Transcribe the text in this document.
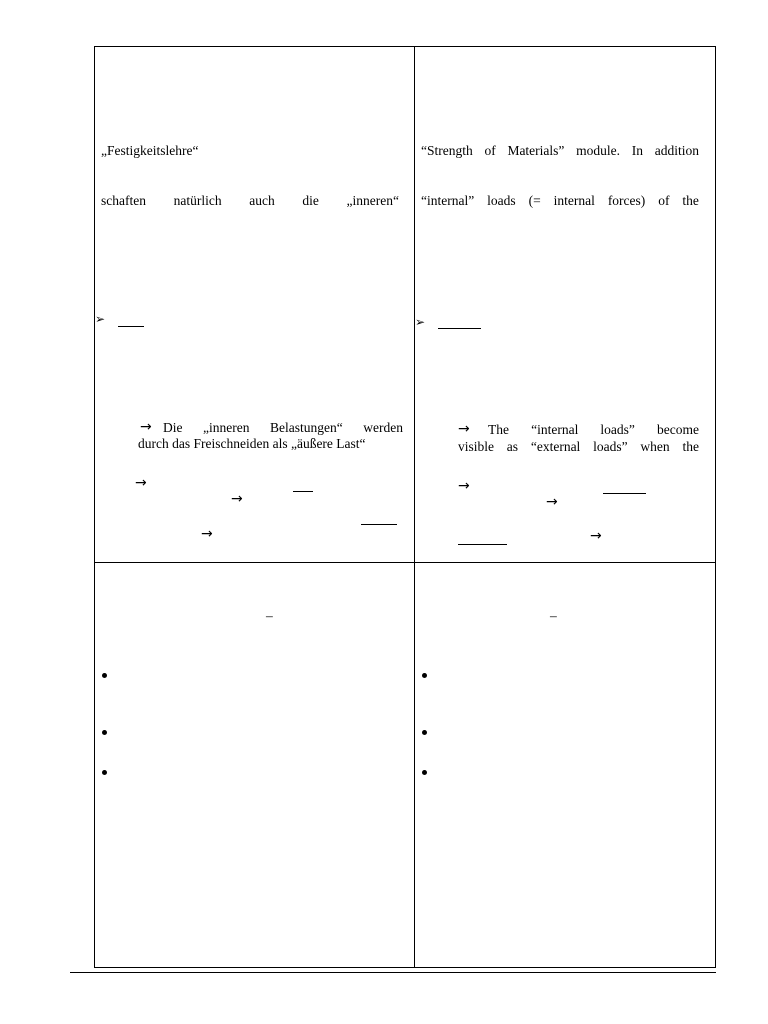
„Festigkeitslehre“
schaften natürlich auch die „inneren“
➢
→ Die „inneren Belastungen“ werden
durch das Freischneiden als „äußere Last“
→
→
→
“Strength of Materials” module. In addition
“internal” loads (= internal forces) of the
➢
→ The “internal loads” become
visible as “external loads” when the
→
→
→
–	–
